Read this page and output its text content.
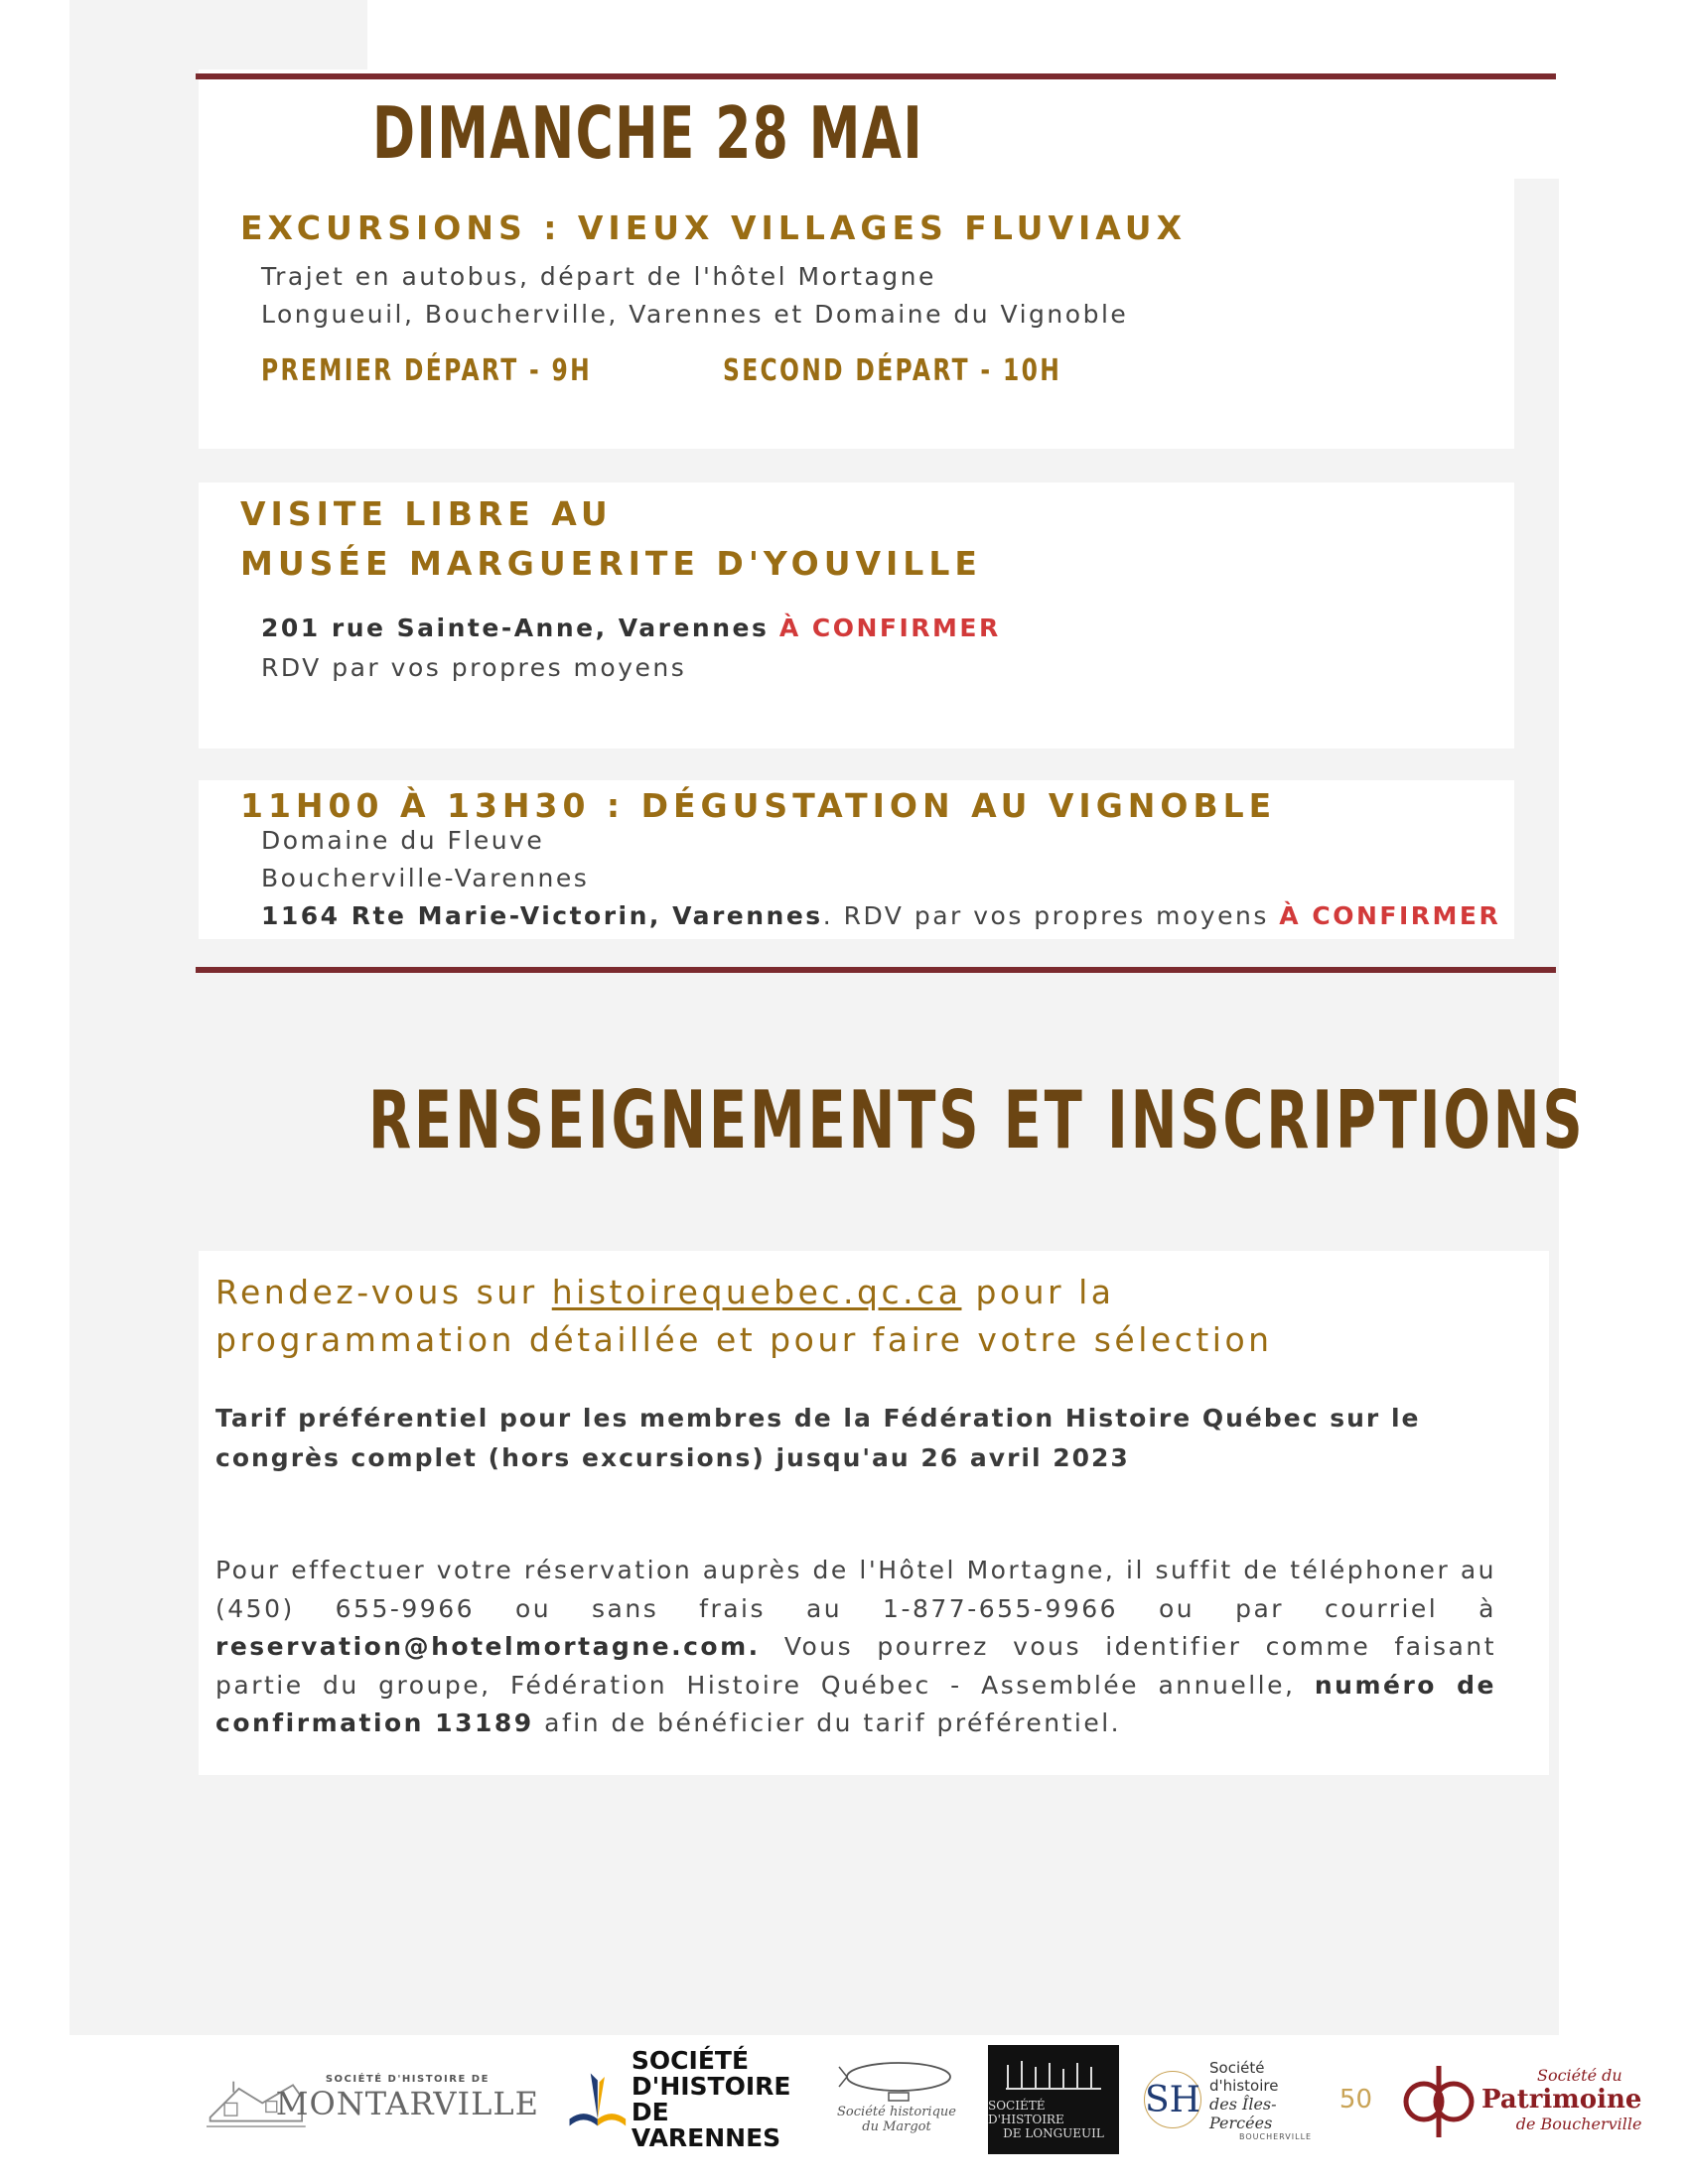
DIMANCHE 28 MAI
EXCURSIONS : VIEUX VILLAGES FLUVIAUX

Trajet en autobus, départ de l'hôtel Mortagne

Longueuil, Boucherville, Varennes et Domaine du Vignoble

PREMIER DÉPART - 9H	SECOND DÉPART - 10H

VISITE LIBRE AU
MUSÉE MARGUERITE D'YOUVILLE

201 rue Sainte-Anne, Varennes À CONFIRMER

RDV par vos propres moyens

11H00 À 13H30 : DÉGUSTATION AU VIGNOBLE

Domaine du Fleuve

Boucherville-Varennes

1164 Rte Marie-Victorin, Varennes. RDV par vos propres moyens À CONFIRMER

RENSEIGNEMENTS ET INSCRIPTIONS

Rendez-vous sur histoirequebec.qc.ca pour la

programmation détaillée et pour faire votre sélection

Tarif préférentiel pour les membres de la Fédération Histoire Québec sur le

congrès complet (hors excursions) jusqu'au 26 avril 2023

Pour effectuer votre réservation auprès de l'Hôtel Mortagne, il suffit de téléphoner au (450) 655-9966 ou sans frais au 1-877-655-9966 ou par courriel à reservation@hotelmortagne.com. Vous pourrez vous identifier comme faisant partie du groupe, Fédération Histoire Québec - Assemblée annuelle, numéro de confirmation 13189 afin de bénéficier du tarif préférentiel.

SOCIÉTÉ D'HISTOIRE DE
MONTARVILLE
SOCIÉTÉ
D'HISTOIRE
DE VARENNES
Société historique
du Margot
SOCIÉTÉ D'HISTOIRE
DE LONGUEUIL
SH
Société d'histoire
des Îles-Percées
BOUCHERVILLE
50
Société du
Patrimoine
de Boucherville
